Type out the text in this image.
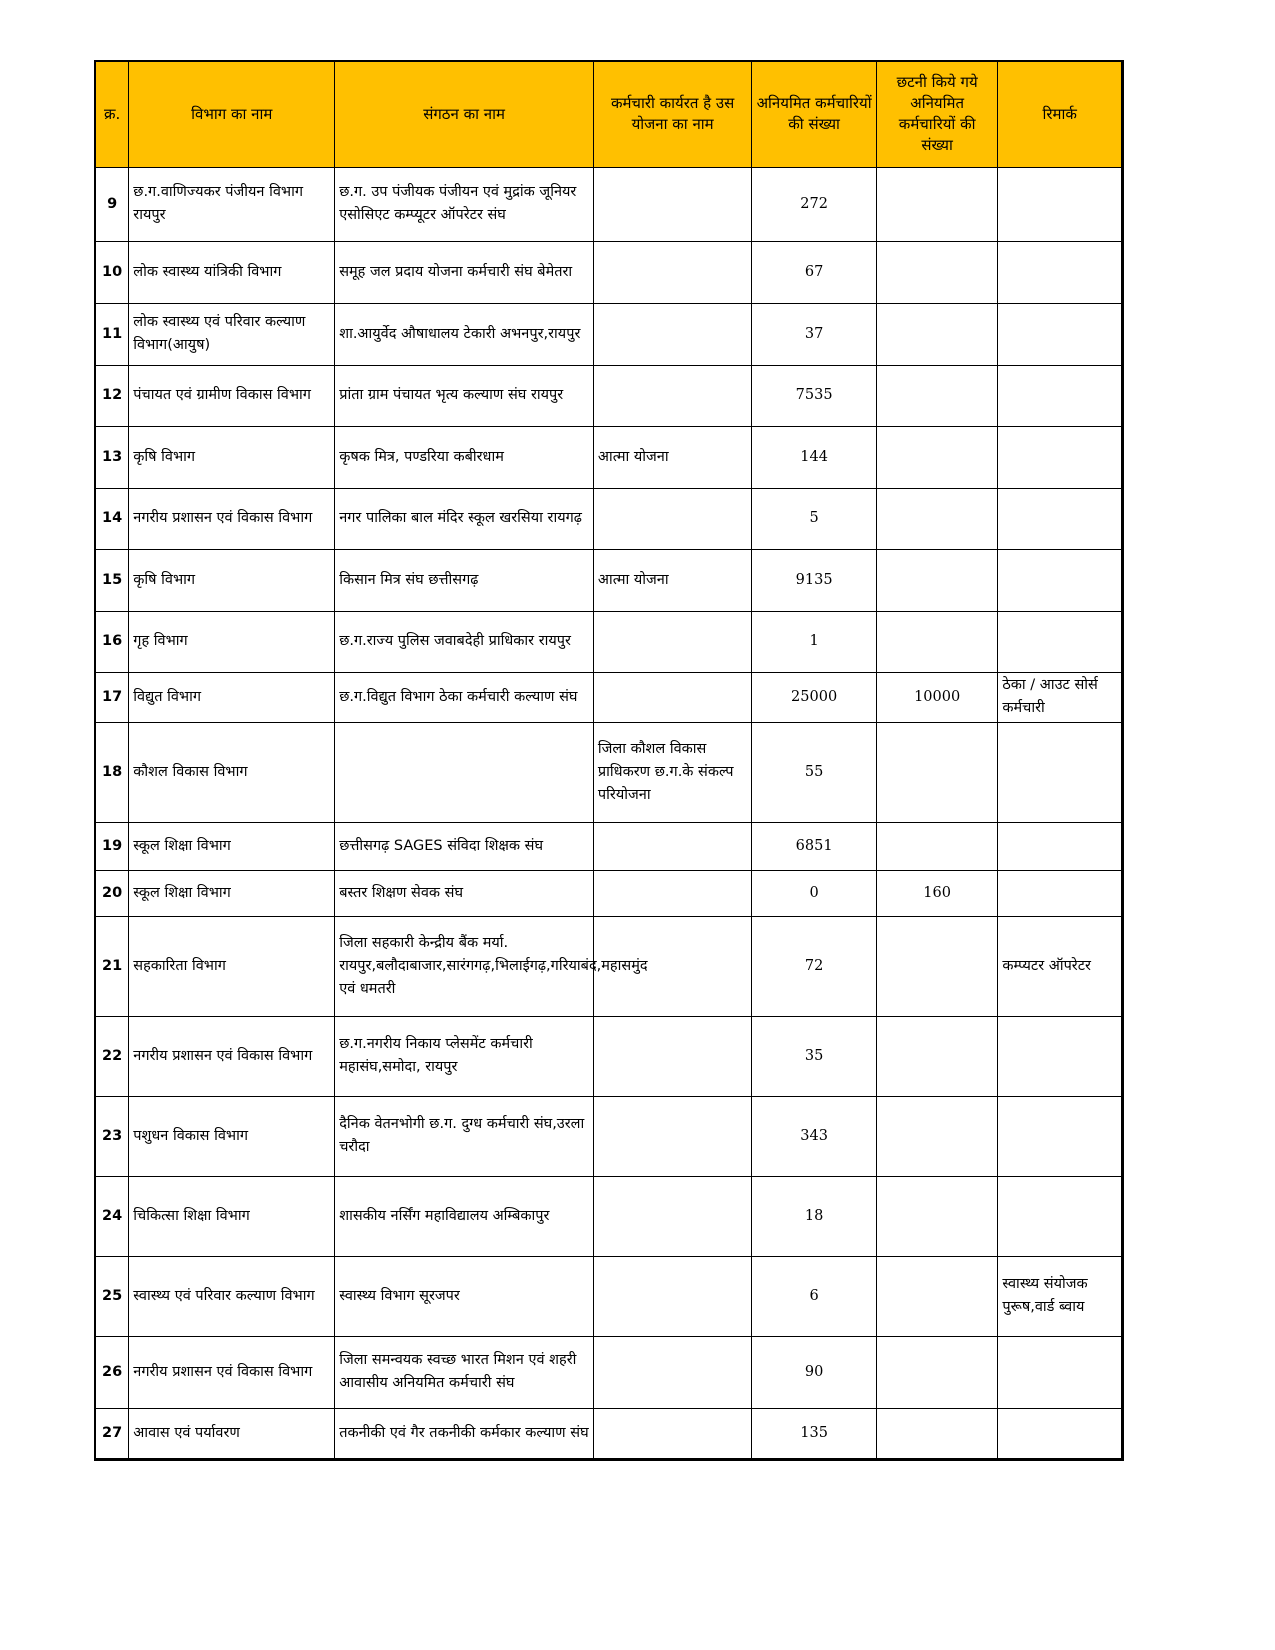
क्र.	विभाग का नाम	संगठन का नाम	कर्मचारी कार्यरत है उस योजना का नाम	अनियमित कर्मचारियों की संख्या	छटनी किये गये अनियमित कर्मचारियों की संख्या	रिमार्क
9	छ.ग.वाणिज्यकर पंजीयन विभाग रायपुर	छ.ग. उप पंजीयक पंजीयन एवं मुद्रांक जूनियर एसोसिएट कम्प्यूटर ऑपरेटर संघ		272		
10	लोक स्वास्थ्य यांत्रिकी विभाग	समूह जल प्रदाय योजना कर्मचारी संघ बेमेतरा		67		
11	लोक स्वास्थ्य एवं परिवार कल्याण विभाग(आयुष)	शा.आयुर्वेद औषाधालय टेकारी अभनपुर,रायपुर		37		
12	पंचायत एवं ग्रामीण विकास विभाग	प्रांता ग्राम पंचायत भृत्य कल्याण संघ रायपुर		7535		
13	कृषि विभाग	कृषक मित्र, पण्डरिया कबीरधाम	आत्मा योजना	144		
14	नगरीय प्रशासन एवं विकास विभाग	नगर पालिका बाल मंदिर स्कूल खरसिया रायगढ़		5		
15	कृषि विभाग	किसान मित्र संघ छत्तीसगढ़	आत्मा योजना	9135		
16	गृह विभाग	छ.ग.राज्य पुलिस जवाबदेही प्राधिकार रायपुर		1		
17	विद्युत विभाग	छ.ग.विद्युत विभाग ठेका कर्मचारी कल्याण संघ		25000	10000	ठेका / आउट सोर्स कर्मचारी
18	कौशल विकास विभाग		जिला कौशल विकास प्राधिकरण छ.ग.के संकल्प परियोजना	55		
19	स्कूल शिक्षा विभाग	छत्तीसगढ़ SAGES संविदा शिक्षक संघ		6851		
20	स्कूल शिक्षा विभाग	बस्तर शिक्षण सेवक संघ		0	160	
21	सहकारिता विभाग	जिला सहकारी केन्द्रीय बैंक मर्या. रायपुर,बलौदाबाजार,सारंगगढ़,भिलाईगढ़,गरियाबंद,महासमुंद एवं धमतरी		72		कम्प्यटर ऑपरेटर
22	नगरीय प्रशासन एवं विकास विभाग	छ.ग.नगरीय निकाय प्लेसमेंट कर्मचारी महासंघ,समोदा, रायपुर		35		
23	पशुधन विकास विभाग	दैनिक वेतनभोगी छ.ग. दुग्ध कर्मचारी संघ,उरला चरौदा		343		
24	चिकित्सा शिक्षा विभाग	शासकीय नर्सिंग महाविद्यालय अम्बिकापुर		18		
25	स्वास्थ्य एवं परिवार कल्याण विभाग	स्वास्थ्य विभाग सूरजपर		6		स्वास्थ्य संयोजक पुरूष,वार्ड ब्वाय
26	नगरीय प्रशासन एवं विकास विभाग	जिला समन्वयक स्वच्छ भारत मिशन एवं शहरी आवासीय अनियमित कर्मचारी संघ		90		
27	आवास एवं पर्यावरण	तकनीकी एवं गैर तकनीकी कर्मकार कल्याण संघ		135		
